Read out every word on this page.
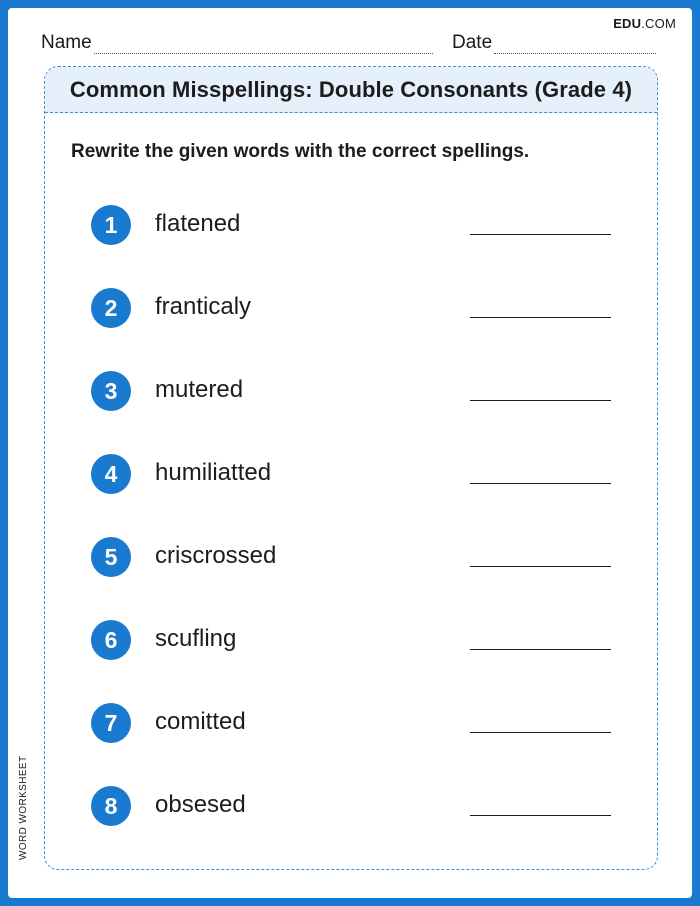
EDU.COM
Name	Date
Common Misspellings: Double Consonants (Grade 4)
Rewrite the given words with the correct spellings.
1	flatened
2	franticaly
3	mutered
4	humiliatted
5	criscrossed
6	scufling
7	comitted
8	obsesed
WORD WORKSHEET
